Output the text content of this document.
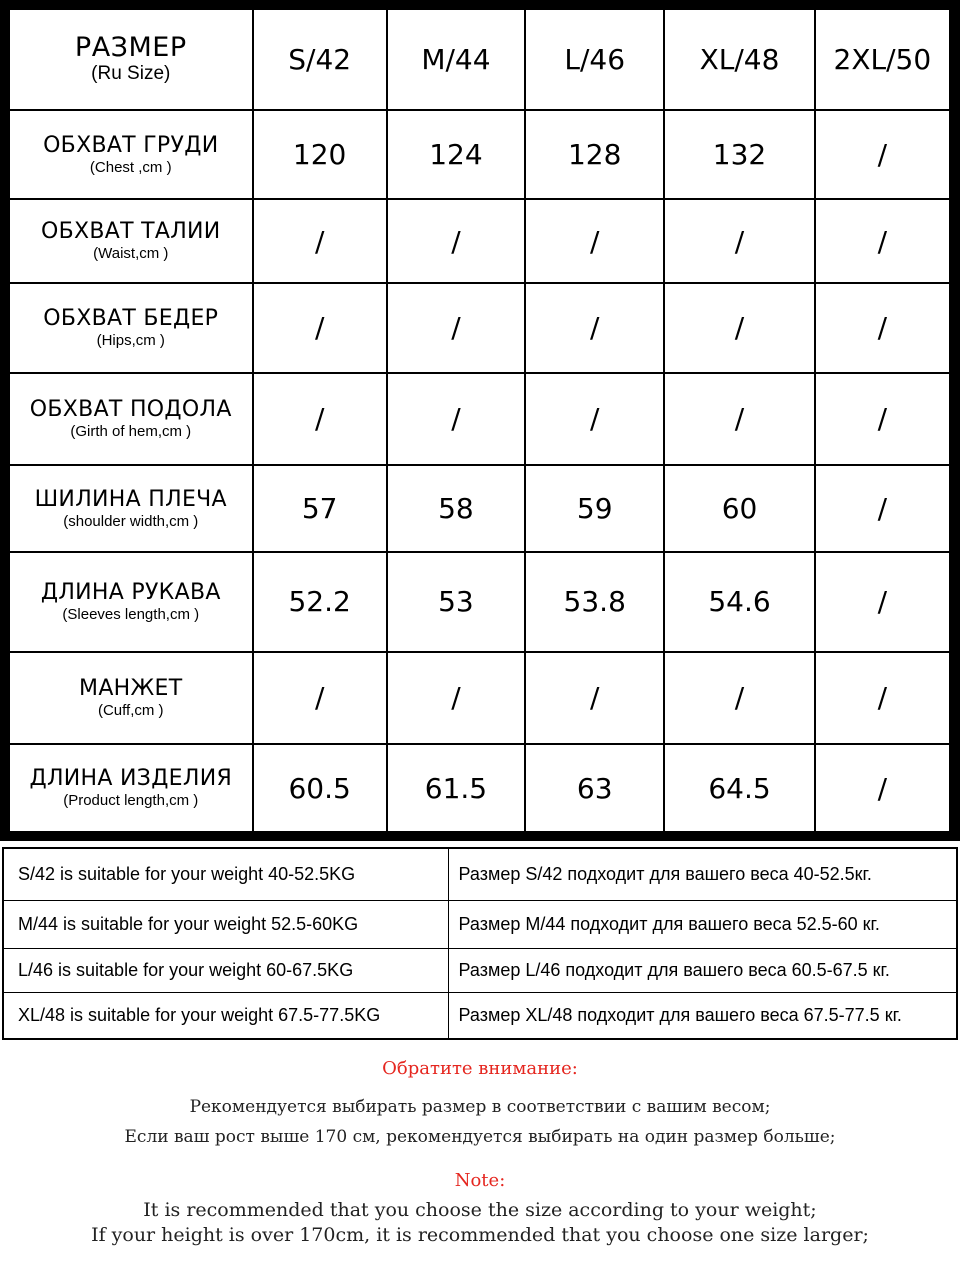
РАЗМЕР
(Ru Size)	S/42	M/44	L/46	XL/48	2XL/50

ОБХВАТ ГРУДИ
(Chest ,cm )	120	124	128	132	/

ОБХВАТ ТАЛИИ
(Waist,cm )	/	/	/	/	/

ОБХВАТ БЕДЕР
(Hips,cm )	/	/	/	/	/

ОБХВАТ ПОДОЛА
(Girth of hem,cm )	/	/	/	/	/

ШИЛИНА ПЛЕЧА
(shoulder width,cm )	57	58	59	60	/

ДЛИНА РУКАВА
(Sleeves length,cm )	52.2	53	53.8	54.6	/

МАНЖЕТ
(Cuff,cm )	/	/	/	/	/

ДЛИНА ИЗДЕЛИЯ
(Product length,cm )	60.5	61.5	63	64.5	/
S/42 is suitable for your weight 40-52.5KG	Размер S/42 подходит для вашего веса 40-52.5кг.
M/44 is suitable for your weight 52.5-60KG	Размер M/44 подходит для вашего веса 52.5-60 кг.
L/46 is suitable for your weight 60-67.5KG	Размер L/46 подходит для вашего веса 60.5-67.5 кг.
XL/48 is suitable for your weight 67.5-77.5KG	Размер XL/48 подходит для вашего веса 67.5-77.5 кг.
Обратите внимание:
Рекомендуется выбирать размер в соответствии с вашим весом;
Если ваш рост выше 170 см, рекомендуется выбирать на один размер больше;
Note:
It is recommended that you choose the size according to your weight;
If your height is over 170cm, it is recommended that you choose one size larger;
